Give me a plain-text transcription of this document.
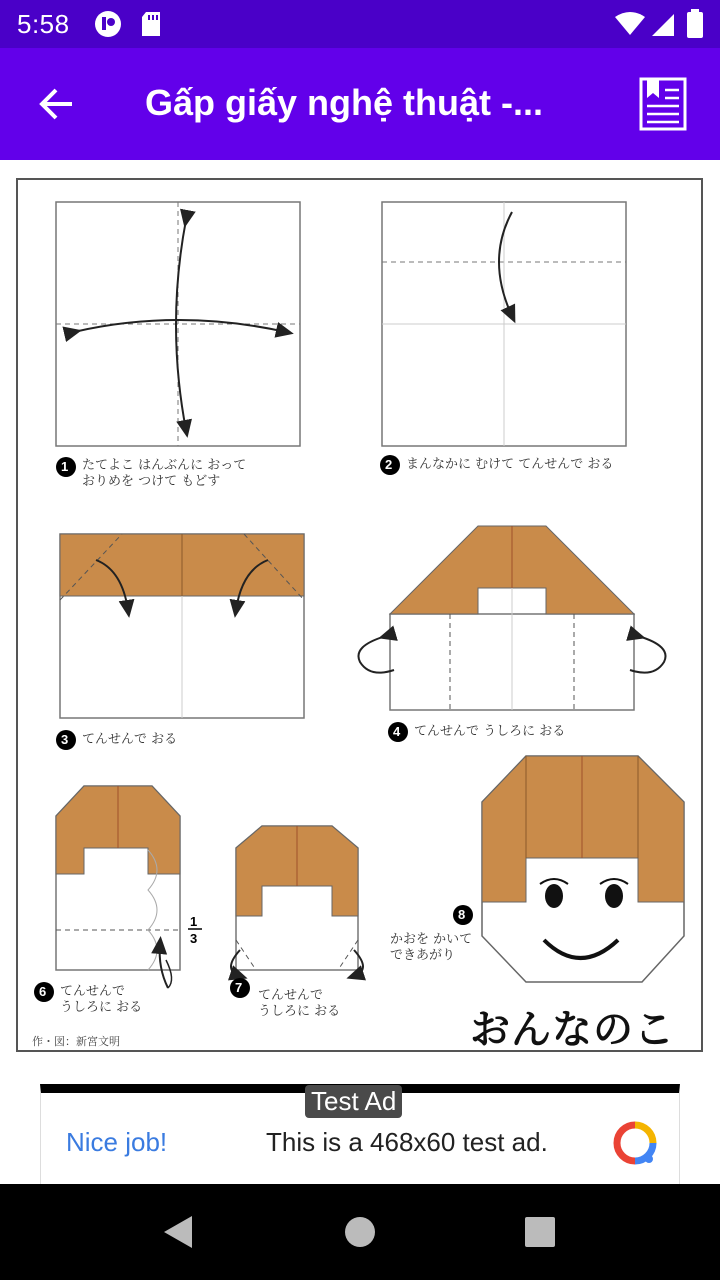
5:58
Gấp giấy nghệ thuật -...
1	2
3
4
6	7
8
たてよこ はんぶんに おって
おりめを つけて もどす
まんなかに むけて てんせんで おる
てんせんで おる
てんせんで うしろに おる
てんせんで
うしろに おる
てんせんで
うしろに おる
かおを かいて
できあがり
1
3
作・図：新宮文明	おんなのこ
Test Ad
Nice job!	This is a 468x60 test ad.
